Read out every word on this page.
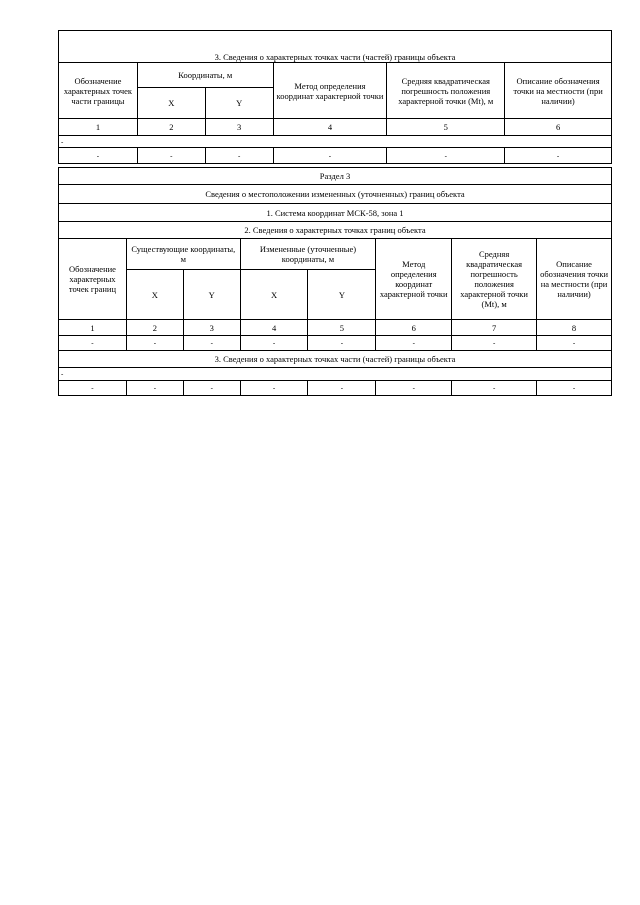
3. Сведения о характерных точках части (частей) границы объекта					
Обозначение характерных точек части границы	Координаты, м		Метод определения координат характерной точки	Средняя квадратическая погрешность положения характерной точки (Mt), м	Описание обозначения точки на местности (при наличии)
	X	Y			
1	2	3	4	5	6
-					
-	-	-	-	-	-
Раздел 3							
Сведения о местоположении измененных (уточненных) границ объекта							
1. Система координат МСК-58, зона 1							
2. Сведения о характерных точках границ объекта							
Обозначение характерных точек границ	Существующие координаты, м		Измененные (уточненные) координаты, м		Метод определения координат характерной точки	Средняя квадратическая погрешность положения характерной точки (Mt), м	Описание обозначения точки на местности (при наличии)
	X	Y	X	Y			
1	2	3	4	5	6	7	8
-	-	-	-	-	-	-	-
3. Сведения о характерных точках части (частей) границы объекта							
-							
-	-	-	-	-	-	-	-
